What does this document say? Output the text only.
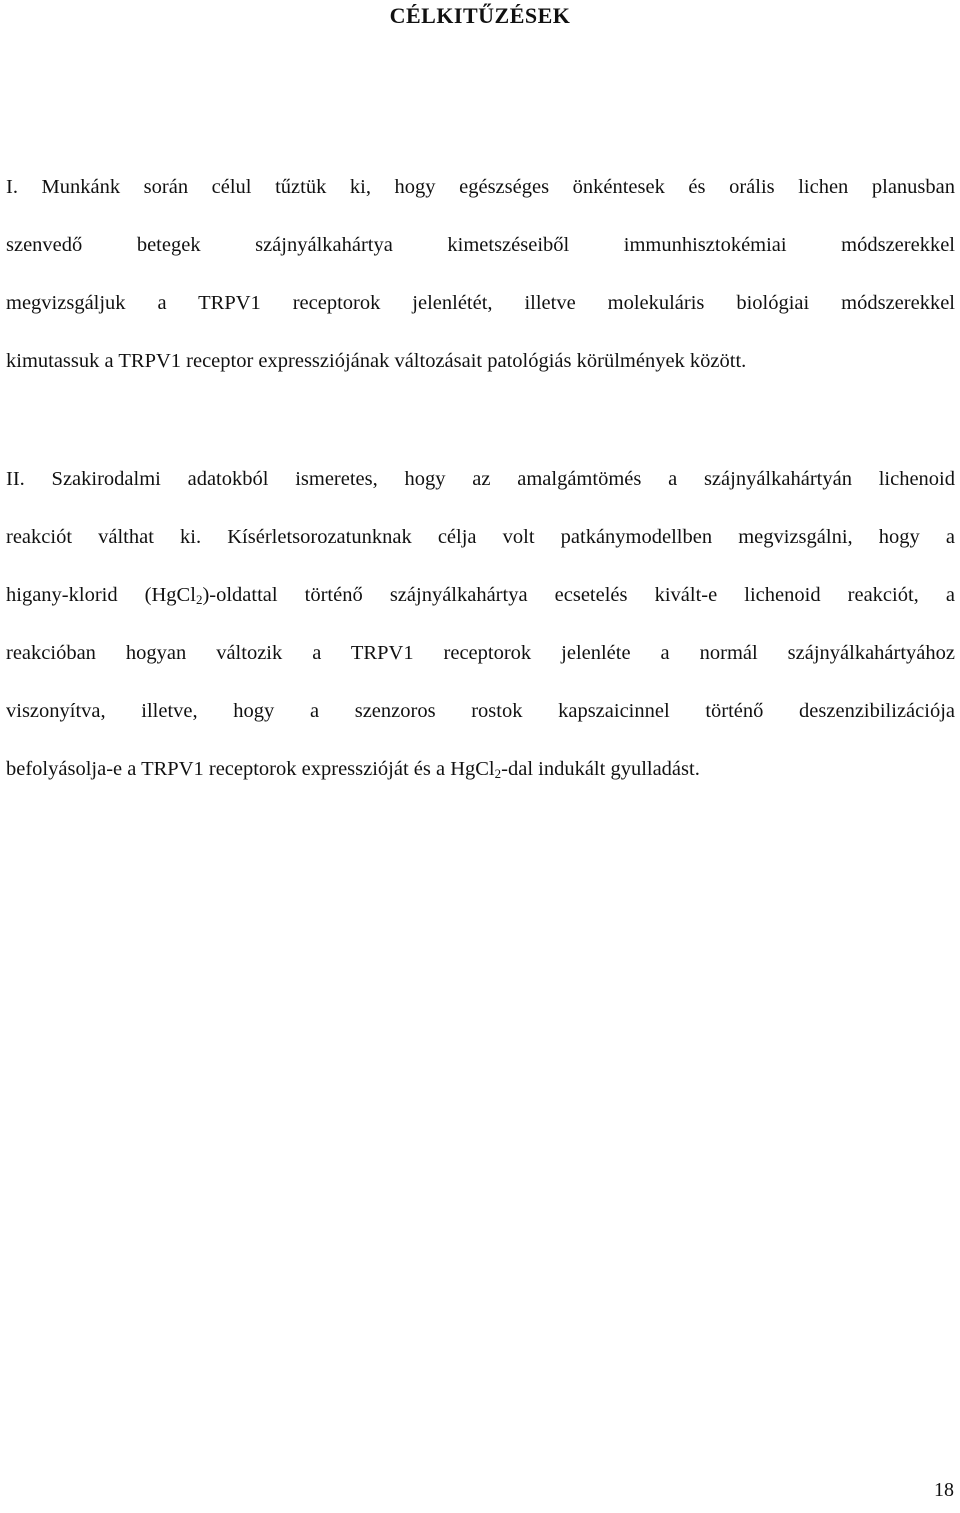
CÉLKITŰZÉSEK
I. Munkánk során célul tűztük ki, hogy egészséges önkéntesek és orális lichen planusban
szenvedő betegek szájnyálkahártya kimetszéseiből immunhisztokémiai módszerekkel
megvizsgáljuk a TRPV1 receptorok jelenlétét, illetve molekuláris biológiai módszerekkel
kimutassuk a TRPV1 receptor expressziójának változásait patológiás körülmények között.
II. Szakirodalmi adatokból ismeretes, hogy az amalgámtömés a szájnyálkahártyán lichenoid
reakciót válthat ki. Kísérletsorozatunknak célja volt patkánymodellben megvizsgálni, hogy a
higany-klorid (HgCl$_2$)-oldattal történő szájnyálkahártya ecsetelés kivált-e lichenoid reakciót, a
reakcióban hogyan változik a TRPV1 receptorok jelenléte a normál szájnyálkahártyához
viszonyítva, illetve, hogy a szenzoros rostok kapszaicinnel történő deszenzibilizációja
befolyásolja-e a TRPV1 receptorok expresszióját és a HgCl$_2$-dal indukált gyulladást.
18
